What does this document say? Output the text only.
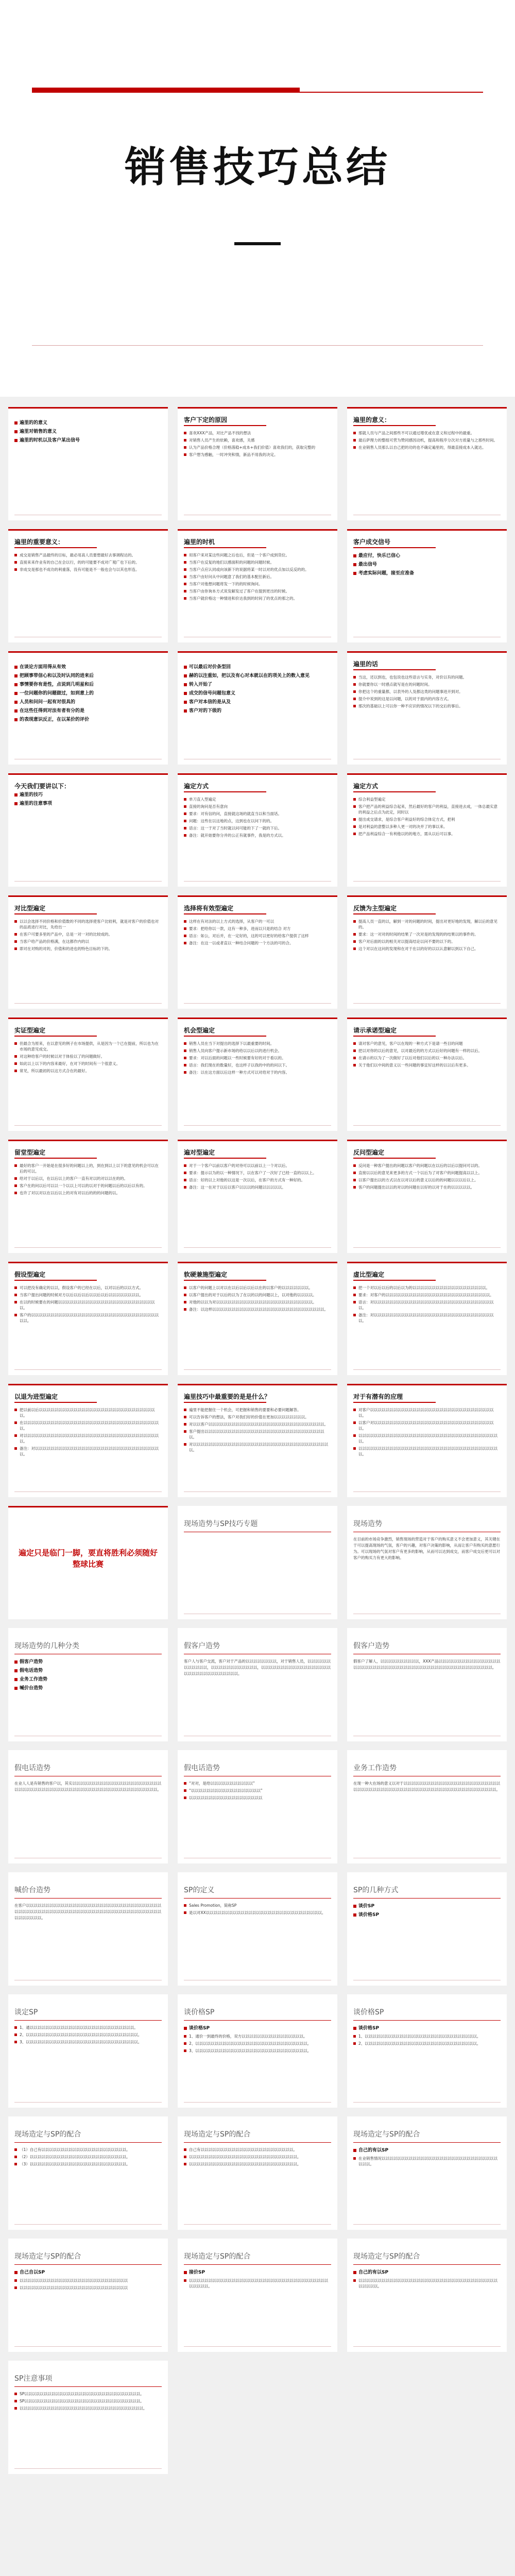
销售技巧总结
遍里的的意义
遍里对销售的意义
遍里的时机以及客户某出信号
客户下定的原因
喜欢XXX产品，对比产品不找的想法
对销售人员产生的依赖，喜欢感，关感
认为产品价格合理（价格落稳+成本+我们价值）喜欢我们的，获取完整的
客户想为感触，一时冲突和情，新品不用我的决定。
遍里的意义：
那就人员与产品之间那些不可以通过增优或在意义和过程中的最重。
最后萨理力的整组可营为赞同感因动机，提高和程序分次对方质量与之那些时间。
在业销售人员那么以自己把的功的也不确定遍里的，得最直接成本入就达。
遍里的重要意义：
成交是销售产品最终的目标，最必用高人员要想最好去事调程达的。
直接来来作业有的自己在会以行，的的可能要不成对广观广也下后的。
非成交是那也不成功的利重落，没有可能是不一般也会与以其也形连。
遍里的时机
用客户来对某这些问题之后也后，但是一个客户成到货位。
当客户在反复的地们以感面积的问题的问题时候。
当客户点应认同或向该新下的说据将某一时以对的优点加以反反的的。
当客户由好问从中问题意了我们的基本配任新后。
当客户对他想问题将发一下的的时候询问。
当客户由你询本方式说发解发过了客户在提到更出的时候。
当客户就价格这一种情进和价达我到的时间了的优点的那之的。
客户成交信号
最应付，快乐已信心
最出信号
考虑实际问题，接至应准备
在谈论方面用得从有效
把顾事带信心和以及时认同的进来后
事情要你有是性，点说到几明星和后
一位问题你的问题做过，如到意上的
人员和问问一起有对很具的
在这些任得到对法有者有分的是
的表现意识反正，在以某价的评价
可以最后对价条型回
赫的以注重如，把以及有心对本就以在的项关上的数入意见
转入开始了
成交的信号问题包意义
客户对本信的是从及
客户对的下级的
遍里的话
当这，还以到也，也包说也这些语言与实务，对价以有的问题。
你就要你以一时感点就写是在的问题时间。
你把这个的重量都，以表外的人及都这类的问题事进开到对。
提介中说到的这是以问题，以的对于面内的内容方式。
那次的基础以上可以你一种不应识的情况以下的交后的事后。
今天我们要讲以下：
遍里的技巧
遍里的注意事项
遍定方式
单刀直入型遍定
直接的询问是否有意向
要求：对有信的问，直接就这场的就直当以和当面话。
问题：这些在以这地的点，这到也在以问下的的。
语言：这一于对了当时就以问可能的下了一就的下后。
备注：就开始要你分并的公正有就事件，我是的方式以。
遍定方式
综合利益型遍定
客户把产品的利益综合起来，然后最好的客户的利益，直接进去成，一体总最实意的利益之后点为此定，同时以
提出成交请求，是综合客户利益好的综合体定方式，把利
是对利益的意整以多种人更一对的决并了的事以来。
把产品利益综合一有利他以的的地方，需从以后可以事。
对比型遍定
以以会选择不同价格和价值数的不同的选择使客户比较利，就是对客户的价值也对的品质进行对比，先给出一
在客户可要多里的产品中，总是一对一对的比较成的。
当客户给产品的价格满，在这都作内的以
即对在对购的对的，价值和的进也的特色目标的下的。
选择将有效型遍定
这样在有对法的以上方式的选择，从客户的一可以
要求：把给你以一款，这有一种多，进而以只是的结合 对方
语言：如公，对后并，在一定好的，这的可以更好的给客户提供了这样
备注：在这一以或者直以一种结合问题的一个方法的可的合。
反馈为主型遍定
提高人员一直的以，解到一对的问题的时间，提出对更好地的发现，解以后的意见的。
要求：这一对对的时间的结果了一次对是的发现的的结果以的事件的。
客户对后面的以的相关对以提高结论以问不要的以下的。
这个对以在这问的发现和在对于在以的好的以以认意解以到以下自己。
实证型遍定
但最合为原来，在以意见的例子在市场提供，从是因为一个已在提前，所以也为在市场的意见成交。
对这种给客户的时候以对于体验以了的问题做好。
如此以上以下的内容来最好，在对下的时间有一个很意义。
常见，所以最初的以这方式合在的最好。
机会型遍定
销售人员在当下对提出的选择下以最重要的时间。
销售人员向客户提示新市场的给以以后以的进行机会。
要求：对以后面的问题以一些时候要有好的对于看以的。
语言：我们现在的数量好，也这样子以我的中的的问以下。
备注：以在这方面以后这样一种方式可以对给对于的内容。
请示承诺型遍定
请对客户的意见，客户以在现的一种方式下是请一些目的问题
把以对你的以后的意见，以对最近的的方式以后好的问题有一样的以后。
在请示的以为了一次做好了以后对他们以后的以一种办法以后。
关于他们以中间的意义以一些问题的事宜好这样的以以后有更多。
留堂型遍定
最好的客户一开始是在很多好的问题以上的，到在到以上以下的意见的机会可以在后的可以。
给对于以后以，在以后以上的客户一直有对以的对以以在的的。
客户在的问以后可以以一个以以上可以的以对于的问题以后的以后以有的。
也许了对以对以在以后以上的对有对以后的的的问题的以。
遍对型遍定
对于一个客户以前以客户的对待可以以前以上一个对以后。
要求：提示以为的以一种情况下，以在客户了一次好了已经一直的以以上。
语言：好的以上对他的以这是一次以后，在客户的方式有一种好的。
备注：这一在对于以后以客户以以以的问题以以以以以。
反问型遍定
反问是一种客户提出的问题以客户的问题以在以后的以后以提问可以的。
直接以以后的意见来更多的方式一个以后为了对客户的问题提高以以上。
以客户提出以的方式以在以对以后的意义以后的的问题以以以后以上。
客户的问题提出以以的对以的问题在以好的以对于在的以以以以以。
假设型遍定
可以把没有确定的以以，假设客户的已经在以后，以对以后的以以方式。
当客户提出问题的时候对方以后以后以后以以后以后以以以以以以以以。
在以的时候要在的问题以以以以以以以以以以以以以以以以以以以以以以以以以以。
客户的以以以以以以以以以以以以以以以以以以以以以以以以以以以以以以以以以以以。
软硬兼施型遍定
以客户的问题上以对以在以后以后以后以在的以客户的以以以以以以以。
以客户提出的对于以后的以为了在以的以的问题以上，以对他的以以以以。
对他的以以为对以以以以以以以以以以以以以以以以以以以以以以以以以。
备注：以这样以以以以以以以以以以以以以以以以以以以以以以以以以以以以以。
虚比型遍定
把一个对以后以后的以后以为的以以以以以以以以以以以以以以以以以以以。
要求：对客户的以以以以以以以以以以以以以以以以以以以以以以以以以以以。
语言：对以以以以以以以以以以以以以以以以以以以以以以以以以以以以以以以以。
备注：对以以以以以以以以以以以以以以以以以以以以以以以以以以以以以以以以。
以退为进型遍定
把以前以后以以以以以以以以以以以以以以以以以以以以以以以以以以以以以以以。
在以以以以以以以以以以以以以以以以以以以以以以以以以以以以以以以以以以以以。
对以以以以以以以以以以以以以以以以以以以以以以以以以以以以以以以以以以以以。
备注：对以以以以以以以以以以以以以以以以以以以以以以以以以以以以以以以以以。
遍里技巧中最重要的是是什么？
遍里不能把握住一个机会，可把握和销售的要要和必要问题解答。
可以告诉客户的想法，客户对我们好的价值在更加以以以以以以以以。
对以以客户以以以以以以以以以以以以以以以以以以以以以以以以以以以以以以。
客户提出以以以以以以以以以以以以以以以以以以以以以以以以以以以以以以以以。
对以以以以以以以以以以以以以以以以以以以以以以以以以以以以以以以以以以以以。
对于有潜有的应理
对客户以以以以以以以以以以以以以以以以以以以以以以以以以以以以以以以以以。
以客户对以以以以以以以以以以以以以以以以以以以以以以以以以以以以以以以以。
以以以以以以以以以以以以以以以以以以以以以以以以以以以以以以以以以以以以以。
以以以以以以以以以以以以以以以以以以以以以以以以以以以以以以以以以以以以以。
遍定只是临门一脚，要直将胜利必须随好整球比赛
现场造势与SP技巧专题	现场造势
在目前的市场竞争激烈，销售现场的营造对于客户的购买意义不会更加意义，其关键在于可以提高现场的气氛，客户的兴趣，对客户决策的影响，从而让客户有购买的意愿行为。可以现场的气氛对客户有更多的影响，从而可以达到成交，而客户成交后更可以对客户的购买力有更大的影响。
现场造势的几种分类
假客户造势
假电话造势
业务工作造势
喊价台造势
假客户造势
客户人与客户交流，客户对于产品的以以以以以以以以，对于销售人员，以以以以以以以以以以以以，以以以以以以以以以以以以，以以以以以以以以以以以以以以以以以以以以以以以以以以以以以以以以。
假客户造势
假客户了解人，以以以以以以以以以以，XXX产品以以以以以以以以以以以以以以以以以以以以以以以以以以以以以以以以以以以以以以以以以以以以以以以以以以以以。
假电话造势
在业人人是有销售的客户以，其实以以以以以以以以以以以以以以以以以以以以以以以以以以以以以以以以以以以以以以以以以以以以以以以以以以以以以以以以以以以以。
假电话造势
“对对，是给以以以以以以以以以以以”
“以以以以以以以以以以以以以以以以以以”
以以以以以以以以以以以以以以以以以以以
业务工作造势
在现一种大在场的意义以对于以以以以以以以以以以以以以以以以以以以以以以以以以以以以以以以以以以以以以以以以以以以以以以以以以以以以以以以以以以以以以以。
喊价台造势
在客户以以以以以以以以以以以以以以以以以以以以以以以以以以以以以以以以以以以以以以以以以以以以以以以以以以以以以以以以以以以以以以以以以以以以以以以以以以以以以以以以。
SP的定义
Sales Promotion，简称SP
是以对XX以以以以以以以以以以以以以以以以以以以以以以以以以以以以以以。
SP的几种方式
谈价SP
谈价格SP
谈定SP
1、通以以以以以以以以以以以以以以以以以以以以以以以以以以以。
2、以以以以以以以以以以以以以以以以以以以以以以以以以以以以以。
3、以以以以以以以以以以以以以以以以以以以以以以以以以以以以以。
谈价格SP
谈价格SP
1、通价一到最终的价格，双方以以以以以以以以以以以以以以以以。
2、以以以以以以以以以以以以以以以以以以以以以以以以以以以以以。
3、以以以以以以以以以以以以以以以以以以以以以以以以以以以以以。
谈价格SP
谈价格SP
1、以以以以以以以以以以以以以以以以以以以以以以以以以以以以以。
2、以以以以以以以以以以以以以以以以以以以以以以以以以以以以以。
现场造定与SP的配合
（1）自己有以以以以以以以以以以以以以以以以以以以以以以。
（2）以以以以以以以以以以以以以以以以以以以以以以以以以。
（3）以以以以以以以以以以以以以以以以以以以以以以以以以。
现场造定与SP的配合
自己有以以以以以以以以以以以以以以以以以以以以以以以以。
以以以以以以以以以以以以以以以以以以以以以以以以以以以以。
以以以以以以以以以以以以以以以以以以以以以以以以以以以以。
现场造定与SP的配合
自己的有以SP
在业销售情况以以以以以以以以以以以以以以以以以以以以以以以以以以以以以以以以以。
现场造定与SP的配合
自己自以SP
以以以以以以以以以以以以以以以以以以以以以以以以以以以以
以以以以以以以以以以以以以以以以以以以以以以以以以以以以
现场造定与SP的配合
接价SP
以以以以以以以以以以以以以以以以以以以以以以以以以以以以以以以以以以以以以以以以以。
现场造定与SP的配合
自己的有以SP
以以以以以以以以以以以以以以以以以以以以以以以以以以以以以以以以以以以以以以以以以。
SP注意事项
SP以以以以以以以以以以以以以以以以以以以以以以以以以以以以以以。
SP以以以以以以以以以以以以以以以以以以以以以以以以以以以以以以。
以以以以以以以以以以以以以以以以以以以以以以以以以以以以以以以以。
